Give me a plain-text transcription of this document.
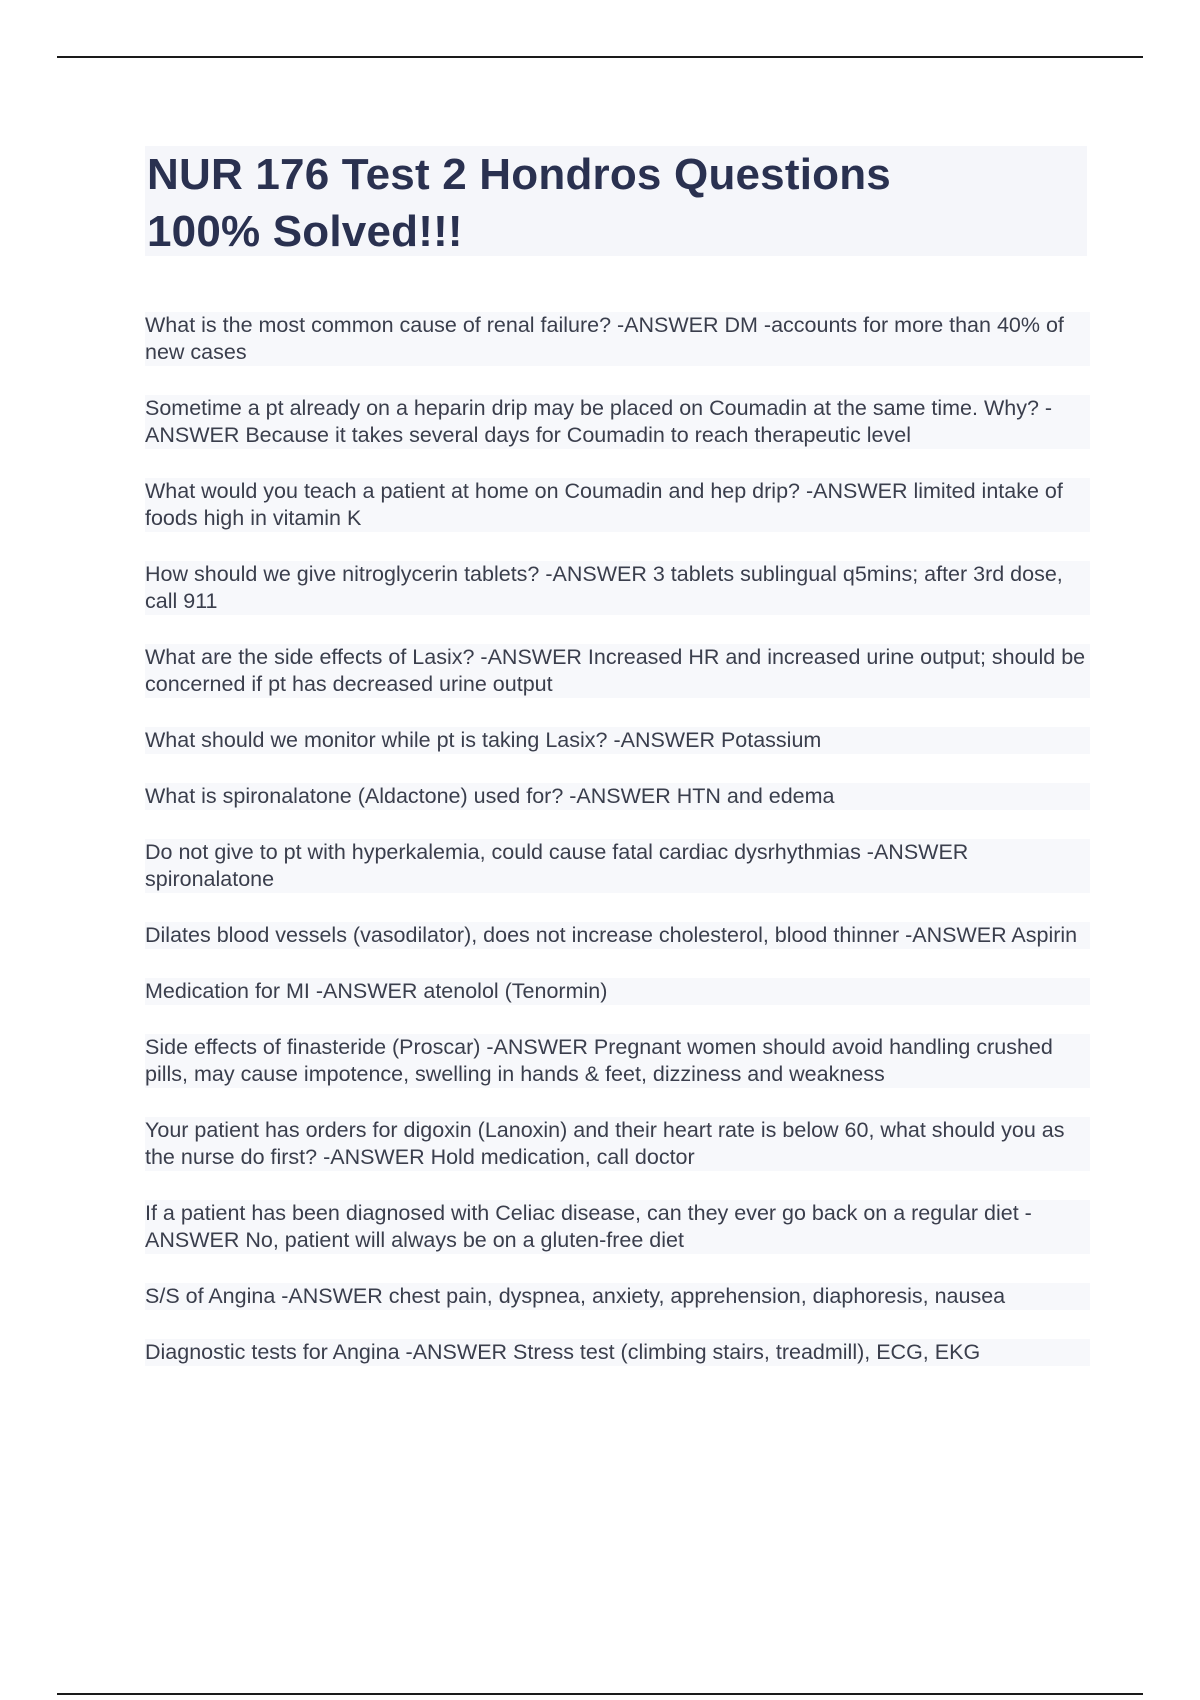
NUR 176 Test 2 Hondros Questions
100% Solved!!!

What is the most common cause of renal failure? -ANSWER DM -accounts for more than 40% of new cases

Sometime a pt already on a heparin drip may be placed on Coumadin at the same time. Why? -ANSWER Because it takes several days for Coumadin to reach therapeutic level

What would you teach a patient at home on Coumadin and hep drip? -ANSWER limited intake of foods high in vitamin K

How should we give nitroglycerin tablets? -ANSWER 3 tablets sublingual q5mins; after 3rd dose, call 911

What are the side effects of Lasix? -ANSWER Increased HR and increased urine output; should be concerned if pt has decreased urine output

What should we monitor while pt is taking Lasix? -ANSWER Potassium

What is spironalatone (Aldactone) used for? -ANSWER HTN and edema

Do not give to pt with hyperkalemia, could cause fatal cardiac dysrhythmias -ANSWER spironalatone

Dilates blood vessels (vasodilator), does not increase cholesterol, blood thinner -ANSWER Aspirin

Medication for MI -ANSWER atenolol (Tenormin)

Side effects of finasteride (Proscar) -ANSWER Pregnant women should avoid handling crushed pills, may cause impotence, swelling in hands & feet, dizziness and weakness

Your patient has orders for digoxin (Lanoxin) and their heart rate is below 60, what should you as the nurse do first? -ANSWER Hold medication, call doctor

If a patient has been diagnosed with Celiac disease, can they ever go back on a regular diet -ANSWER No, patient will always be on a gluten-free diet

S/S of Angina -ANSWER chest pain, dyspnea, anxiety, apprehension, diaphoresis, nausea

Diagnostic tests for Angina -ANSWER Stress test (climbing stairs, treadmill), ECG, EKG
